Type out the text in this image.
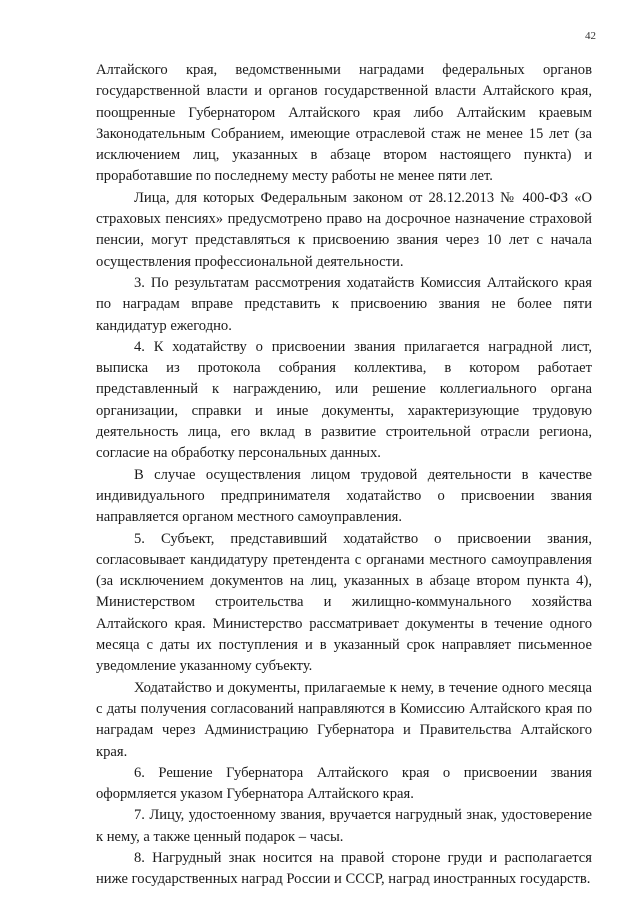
42

Алтайского края, ведомственными наградами федеральных органов государственной власти и органов государственной власти Алтайского края, поощренные Губернатором Алтайского края либо Алтайским краевым Законодательным Собранием, имеющие отраслевой стаж не менее 15 лет (за исключением лиц, указанных в абзаце втором настоящего пункта) и проработавшие по последнему месту работы не менее пяти лет.

Лица, для которых Федеральным законом от 28.12.2013 № 400-ФЗ «О страховых пенсиях» предусмотрено право на досрочное назначение страховой пенсии, могут представляться к присвоению звания через 10 лет с начала осуществления профессиональной деятельности.

3. По результатам рассмотрения ходатайств Комиссия Алтайского края по наградам вправе представить к присвоению звания не более пяти кандидатур ежегодно.

4. К ходатайству о присвоении звания прилагается наградной лист, выписка из протокола собрания коллектива, в котором работает представленный к награждению, или решение коллегиального органа организации, справки и иные документы, характеризующие трудовую деятельность лица, его вклад в развитие строительной отрасли региона, согласие на обработку персональных данных.

В случае осуществления лицом трудовой деятельности в качестве индивидуального предпринимателя ходатайство о присвоении звания направляется органом местного самоуправления.

5. Субъект, представивший ходатайство о присвоении звания, согласовывает кандидатуру претендента с органами местного самоуправления (за исключением документов на лиц, указанных в абзаце втором пункта 4), Министерством строительства и жилищно-коммунального хозяйства Алтайского края. Министерство рассматривает документы в течение одного месяца с даты их поступления и в указанный срок направляет письменное уведомление указанному субъекту.

Ходатайство и документы, прилагаемые к нему, в течение одного месяца с даты получения согласований направляются в Комиссию Алтайского края по наградам через Администрацию Губернатора и Правительства Алтайского края.

6. Решение Губернатора Алтайского края о присвоении звания оформляется указом Губернатора Алтайского края.

7. Лицу, удостоенному звания, вручается нагрудный знак, удостоверение к нему, а также ценный подарок – часы.

8. Нагрудный знак носится на правой стороне груди и располагается ниже государственных наград России и СССР, наград иностранных государств.
